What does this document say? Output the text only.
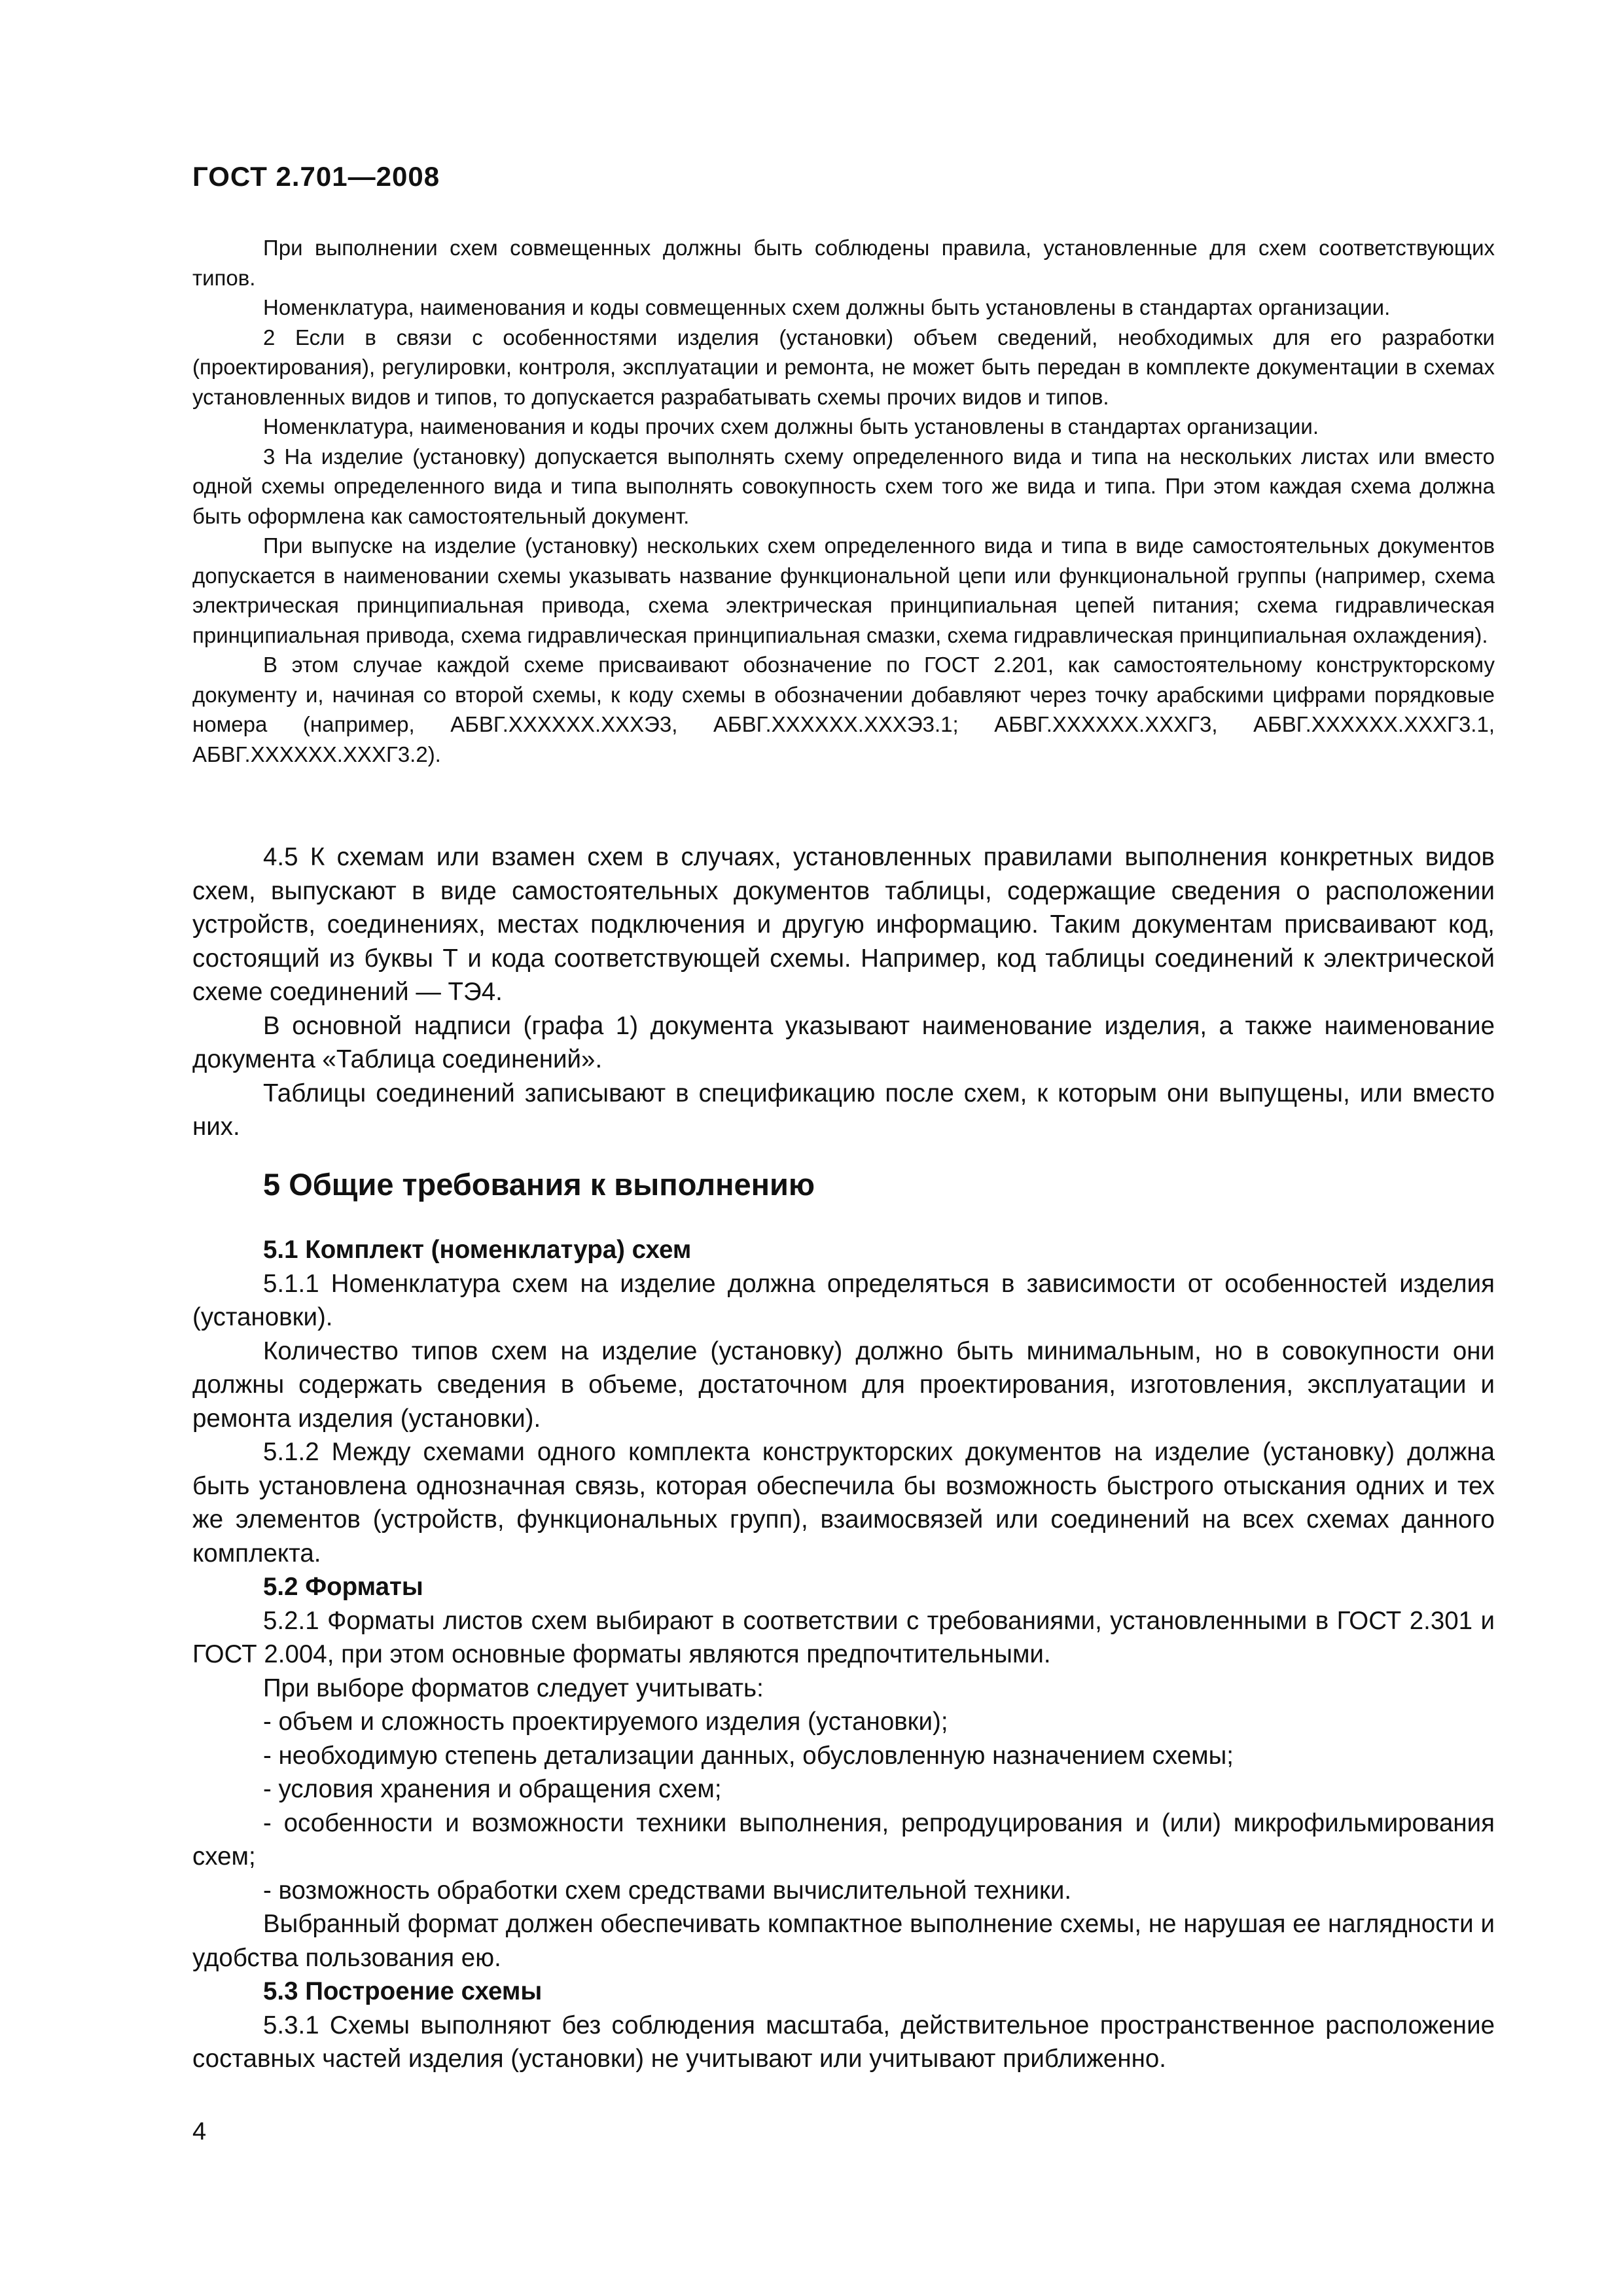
ГОСТ 2.701—2008

При выполнении схем совмещенных должны быть соблюдены правила, установленные для схем соответствующих типов.

Номенклатура, наименования и коды совмещенных схем должны быть установлены в стандартах организации.

2 Если в связи с особенностями изделия (установки) объем сведений, необходимых для его разработки (проектирования), регулировки, контроля, эксплуатации и ремонта, не может быть передан в комплекте документации в схемах установленных видов и типов, то допускается разрабатывать схемы прочих видов и типов.

Номенклатура, наименования и коды прочих схем должны быть установлены в стандартах организации.

3 На изделие (установку) допускается выполнять схему определенного вида и типа на нескольких листах или вместо одной схемы определенного вида и типа выполнять совокупность схем того же вида и типа. При этом каждая схема должна быть оформлена как самостоятельный документ.

При выпуске на изделие (установку) нескольких схем определенного вида и типа в виде самостоятельных документов допускается в наименовании схемы указывать название функциональной цепи или функциональной группы (например, схема электрическая принципиальная привода, схема электрическая принципиальная цепей питания; схема гидравлическая принципиальная привода, схема гидравлическая принципиальная смазки, схема гидравлическая принципиальная охлаждения).

В этом случае каждой схеме присваивают обозначение по ГОСТ 2.201, как самостоятельному конструкторскому документу и, начиная со второй схемы, к коду схемы в обозначении добавляют через точку арабскими цифрами порядковые номера (например, АБВГ.XXXXXX.XXXЭ3, АБВГ.XXXXXX.XXXЭ3.1; АБВГ.XXXXXX.XXXГ3, АБВГ.XXXXXX.XXXГ3.1, АБВГ.XXXXXX.XXXГ3.2).

4.5 К схемам или взамен схем в случаях, установленных правилами выполнения конкретных видов схем, выпускают в виде самостоятельных документов таблицы, содержащие сведения о расположении устройств, соединениях, местах подключения и другую информацию. Таким документам присваивают код, состоящий из буквы Т и кода соответствующей схемы. Например, код таблицы соединений к электрической схеме соединений — ТЭ4.

В основной надписи (графа 1) документа указывают наименование изделия, а также наименование документа «Таблица соединений».

Таблицы соединений записывают в спецификацию после схем, к которым они выпущены, или вместо них.

5 Общие требования к выполнению

5.1 Комплект (номенклатура) схем

5.1.1 Номенклатура схем на изделие должна определяться в зависимости от особенностей изделия (установки).

Количество типов схем на изделие (установку) должно быть минимальным, но в совокупности они должны содержать сведения в объеме, достаточном для проектирования, изготовления, эксплуатации и ремонта изделия (установки).

5.1.2 Между схемами одного комплекта конструкторских документов на изделие (установку) должна быть установлена однозначная связь, которая обеспечила бы возможность быстрого отыскания одних и тех же элементов (устройств, функциональных групп), взаимосвязей или соединений на всех схемах данного комплекта.

5.2 Форматы

5.2.1 Форматы листов схем выбирают в соответствии с требованиями, установленными в ГОСТ 2.301 и ГОСТ 2.004, при этом основные форматы являются предпочтительными.

При выборе форматов следует учитывать:

- объем и сложность проектируемого изделия (установки);

- необходимую степень детализации данных, обусловленную назначением схемы;

- условия хранения и обращения схем;

- особенности и возможности техники выполнения, репродуцирования и (или) микрофильмирования схем;

- возможность обработки схем средствами вычислительной техники.

Выбранный формат должен обеспечивать компактное выполнение схемы, не нарушая ее наглядности и удобства пользования ею.

5.3 Построение схемы

5.3.1 Схемы выполняют без соблюдения масштаба, действительное пространственное расположение составных частей изделия (установки) не учитывают или учитывают приближенно.

4
